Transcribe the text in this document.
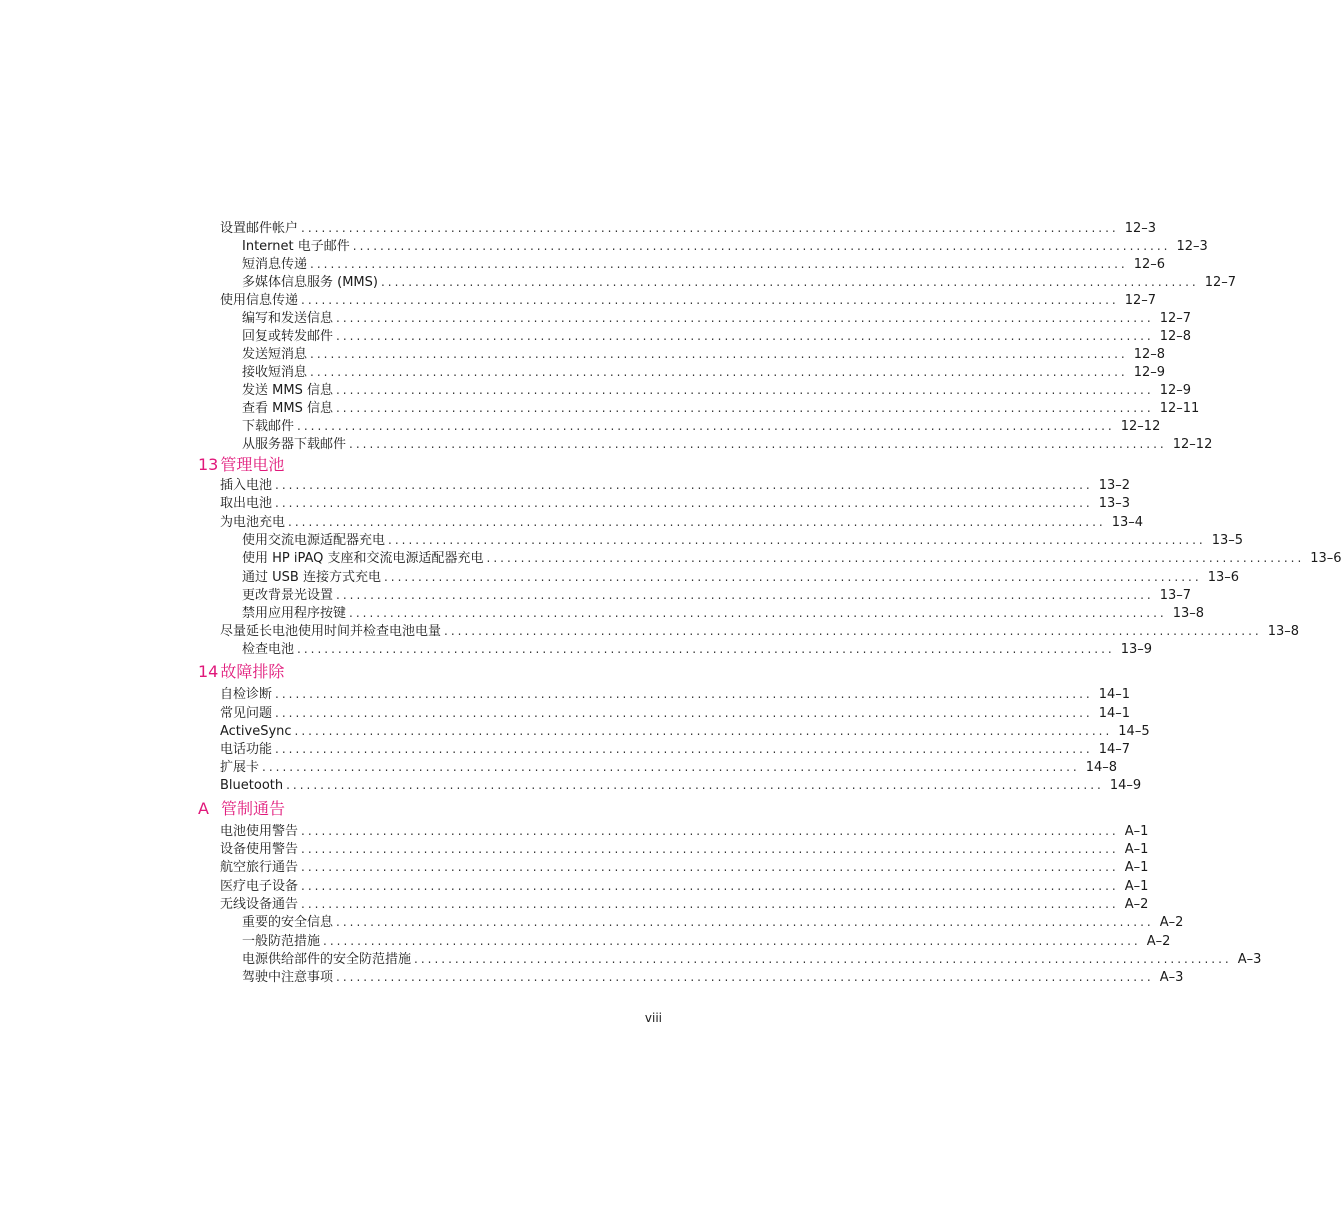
设置邮件帐户 ........................................................................................................................ 12–3
Internet 电子邮件 ........................................................................................................................ 12–3
短消息传递 ........................................................................................................................ 12–6
多媒体信息服务 (MMS) ........................................................................................................................ 12–7
使用信息传递 ........................................................................................................................ 12–7
编写和发送信息 ........................................................................................................................ 12–7
回复或转发邮件 ........................................................................................................................ 12–8
发送短消息 ........................................................................................................................ 12–8
接收短消息 ........................................................................................................................ 12–9
发送 MMS 信息 ........................................................................................................................ 12–9
查看 MMS 信息 ........................................................................................................................ 12–11
下载邮件 ........................................................................................................................ 12–12
从服务器下载邮件 ........................................................................................................................ 12–12
13 管理电池
插入电池 ........................................................................................................................ 13–2
取出电池 ........................................................................................................................ 13–3
为电池充电 ........................................................................................................................ 13–4
使用交流电源适配器充电 ........................................................................................................................ 13–5
使用 HP iPAQ 支座和交流电源适配器充电 ........................................................................................................................ 13–6
通过 USB 连接方式充电 ........................................................................................................................ 13–6
更改背景光设置 ........................................................................................................................ 13–7
禁用应用程序按键 ........................................................................................................................ 13–8
尽量延长电池使用时间并检查电池电量 ........................................................................................................................ 13–8
检查电池 ........................................................................................................................ 13–9
14 故障排除
自检诊断 ........................................................................................................................ 14–1
常见问题 ........................................................................................................................ 14–1
ActiveSync ........................................................................................................................ 14–5
电话功能 ........................................................................................................................ 14–7
扩展卡 ........................................................................................................................ 14–8
Bluetooth ........................................................................................................................ 14–9
A 管制通告
电池使用警告 ........................................................................................................................ A–1
设备使用警告 ........................................................................................................................ A–1
航空旅行通告 ........................................................................................................................ A–1
医疗电子设备 ........................................................................................................................ A–1
无线设备通告 ........................................................................................................................ A–2
重要的安全信息 ........................................................................................................................ A–2
一般防范措施 ........................................................................................................................ A–2
电源供给部件的安全防范措施 ........................................................................................................................ A–3
驾驶中注意事项 ........................................................................................................................ A–3
viii
